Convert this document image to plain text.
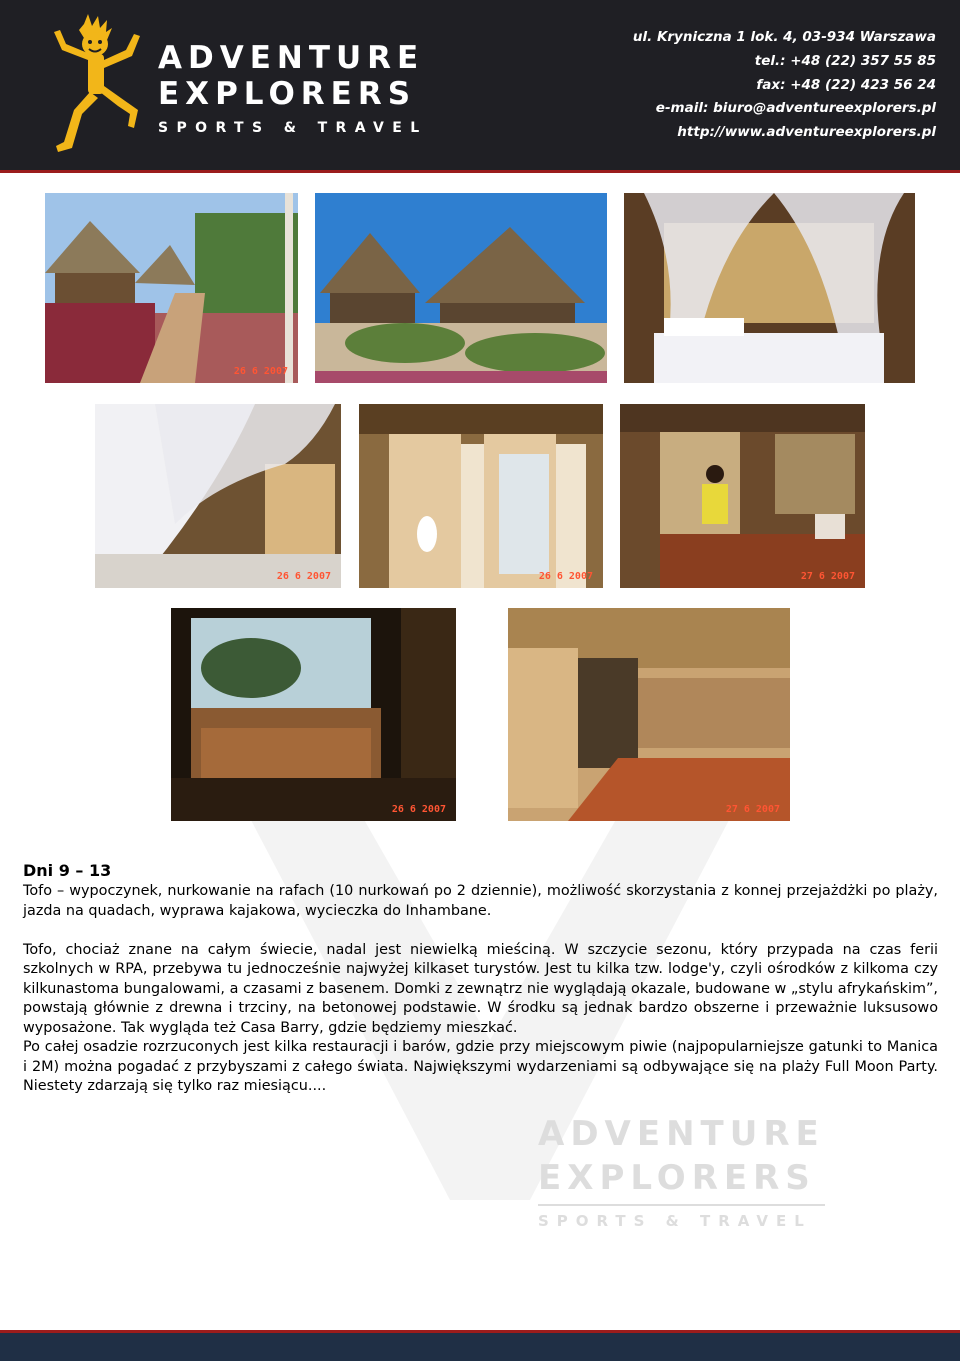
ADVENTURE
EXPLORERS
SPORTS & TRAVEL
ul. Kryniczna 1 lok. 4, 03-934 Warszawa
tel.: +48 (22) 357 55 85
fax: +48 (22) 423 56 24
e-mail: biuro@adventureexplorers.pl
http://www.adventureexplorers.pl
ADVENTURE
EXPLORERS
SPORTS & TRAVEL
26 6 2007
26 6 2007	26 6 2007	27 6 2007
26 6 2007	27 6 2007
Dni 9 – 13

Tofo – wypoczynek, nurkowanie na rafach (10 nurkowań po 2 dziennie), możliwość skorzystania z konnej przejażdżki po plaży, jazda na quadach, wyprawa kajakowa, wycieczka do Inhambane.

Tofo, chociaż znane na całym świecie, nadal jest niewielką mieściną. W szczycie sezonu, który przypada na czas ferii szkolnych w RPA, przebywa tu jednocześnie najwyżej kilkaset turystów. Jest tu kilka tzw. lodge'y, czyli ośrodków z kilkoma czy kilkunastoma bungalowami, a czasami z basenem. Domki z zewnątrz nie wyglądają okazale, budowane w „stylu afrykańskim”, powstają głównie z drewna i trzciny, na betonowej podstawie. W środku są jednak bardzo obszerne i przeważnie luksusowo wyposażone. Tak wygląda też Casa Barry, gdzie będziemy mieszkać.

Po całej osadzie rozrzuconych jest kilka restauracji i barów, gdzie przy miejscowym piwie (najpopularniejsze gatunki to Manica i 2M) można pogadać z przybyszami z całego świata. Największymi wydarzeniami są odbywające się na plaży Full Moon Party. Niestety zdarzają się tylko raz miesiącu....
